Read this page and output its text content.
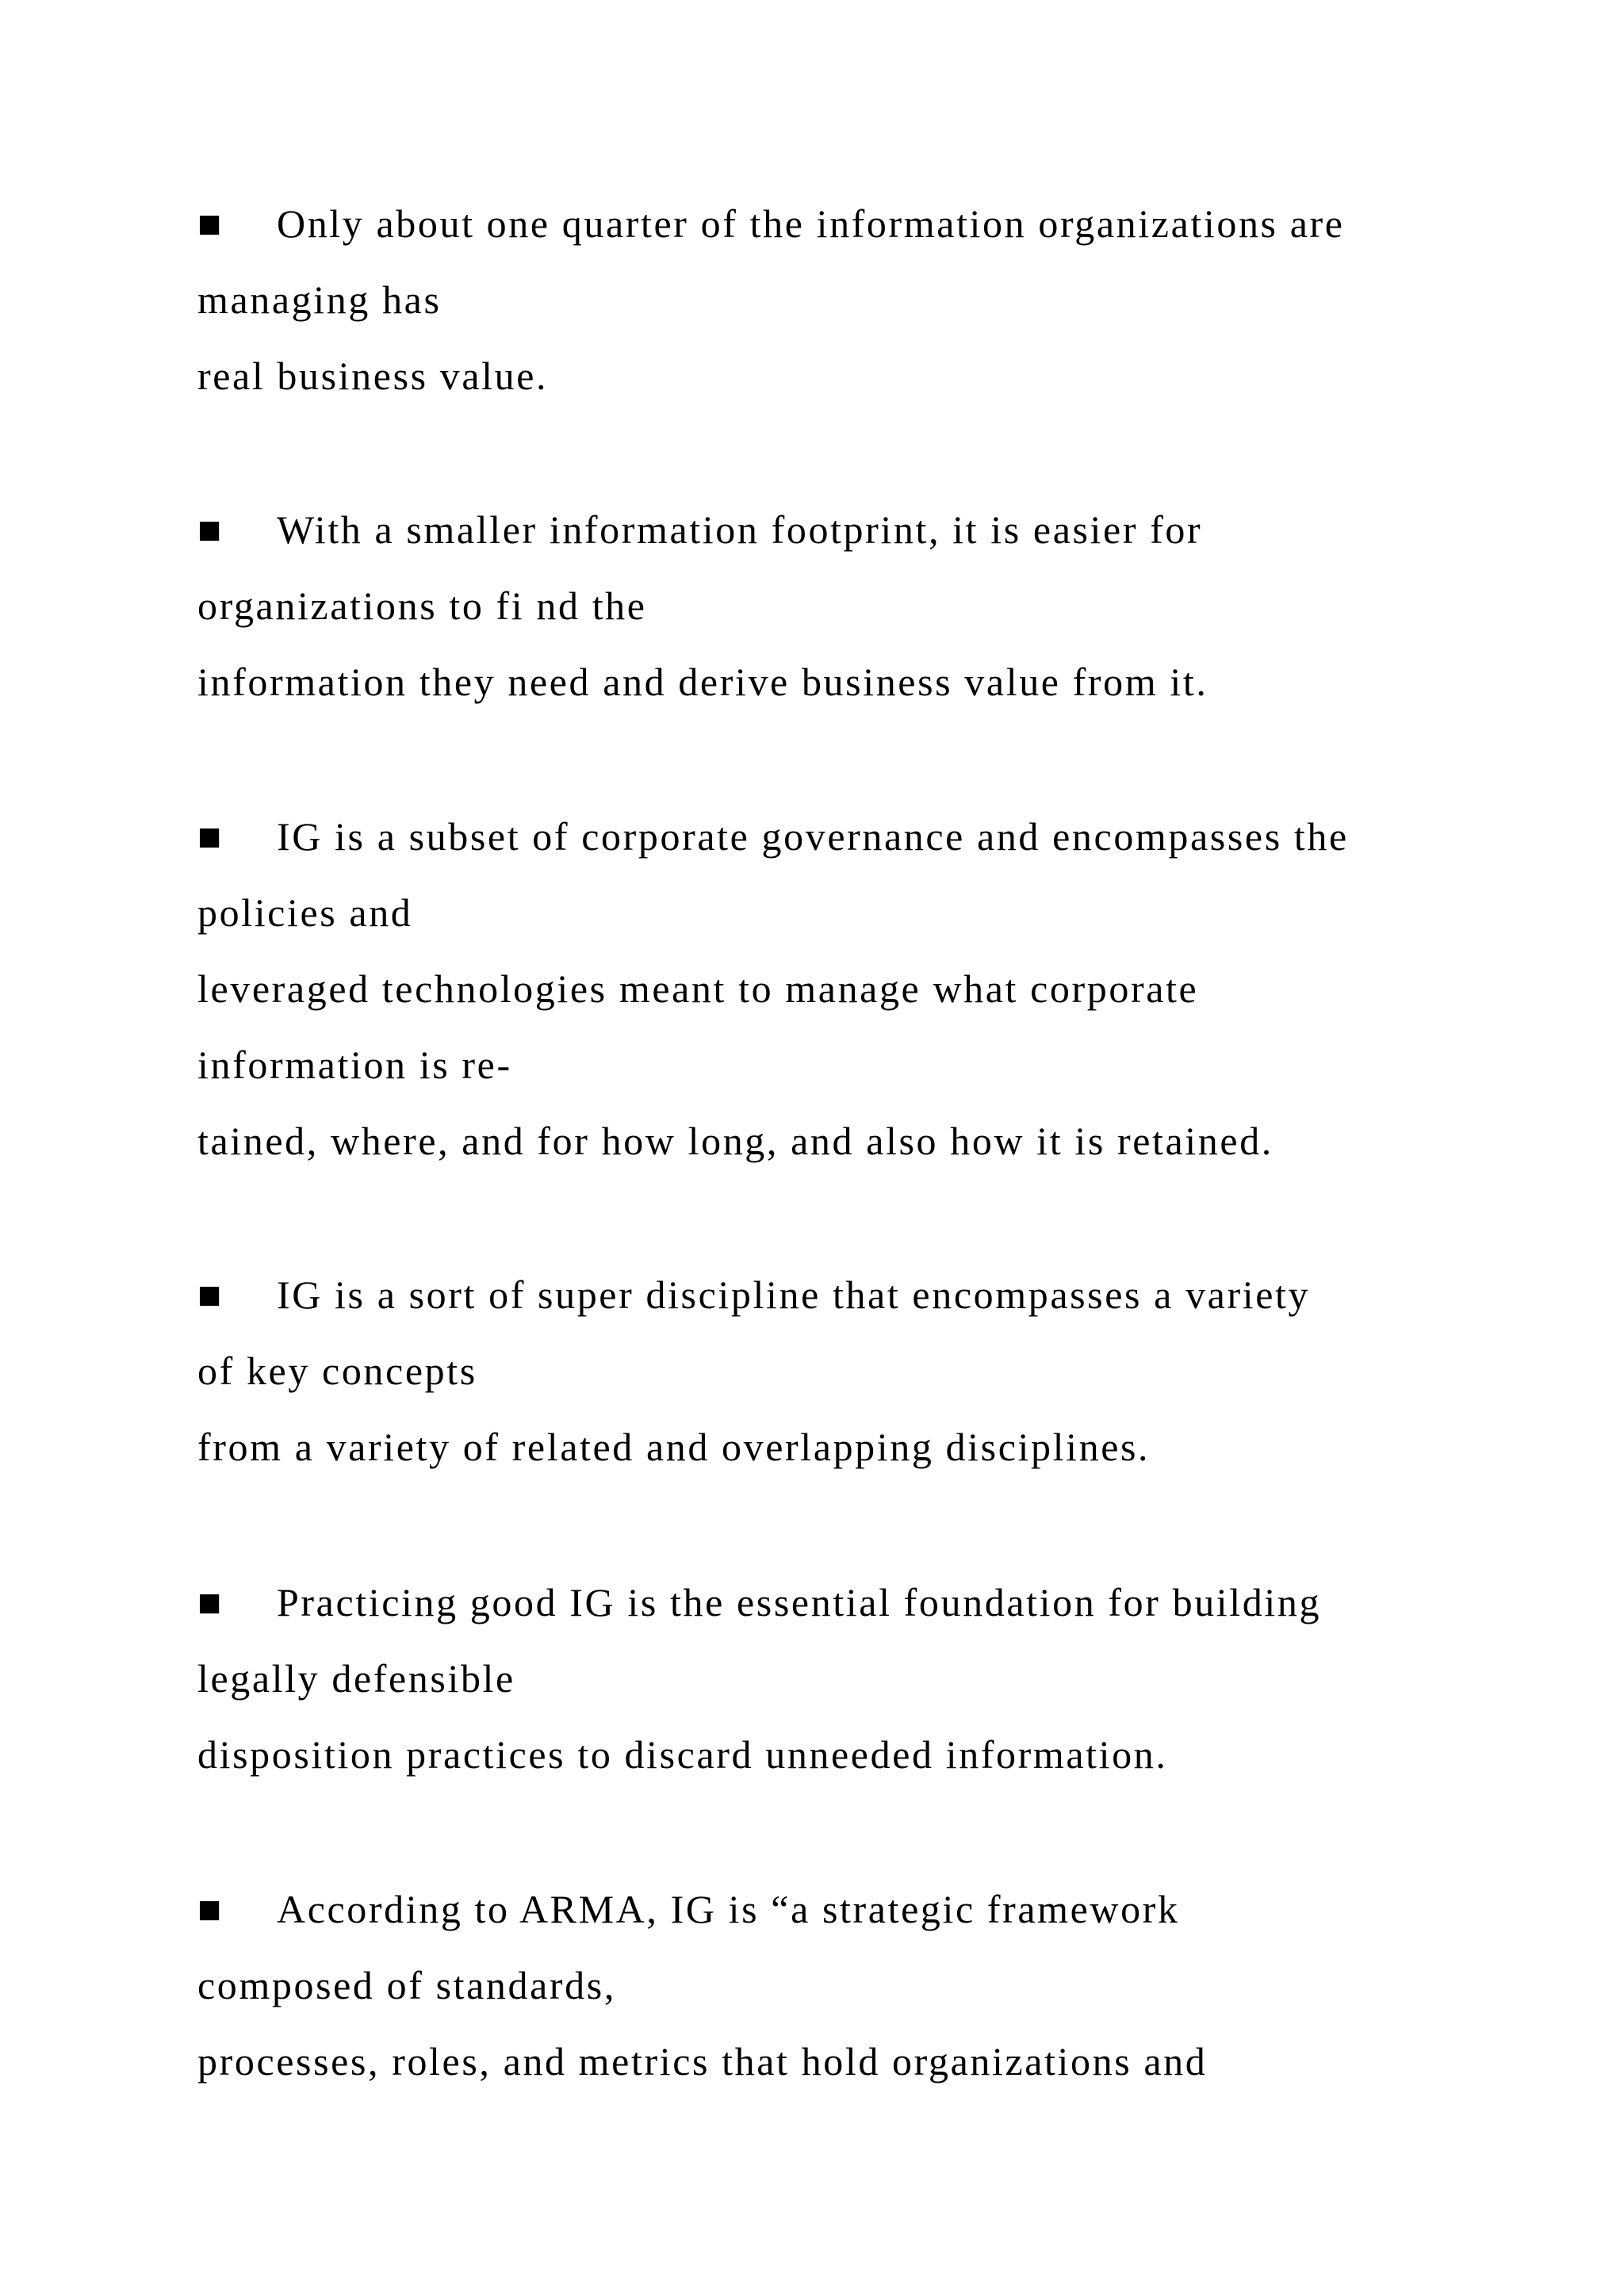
■ Only about one quarter of the information organizations are
managing has
real business value.
■ With a smaller information footprint, it is easier for
organizations to fi nd the
information they need and derive business value from it.
■ IG is a subset of corporate governance and encompasses the
policies and
leveraged technologies meant to manage what corporate
information is re-
tained, where, and for how long, and also how it is retained.
■ IG is a sort of super discipline that encompasses a variety
of key concepts
from a variety of related and overlapping disciplines.
■ Practicing good IG is the essential foundation for building
legally defensible
disposition practices to discard unneeded information.
■ According to ARMA, IG is “a strategic framework
composed of standards,
processes, roles, and metrics that hold organizations and
